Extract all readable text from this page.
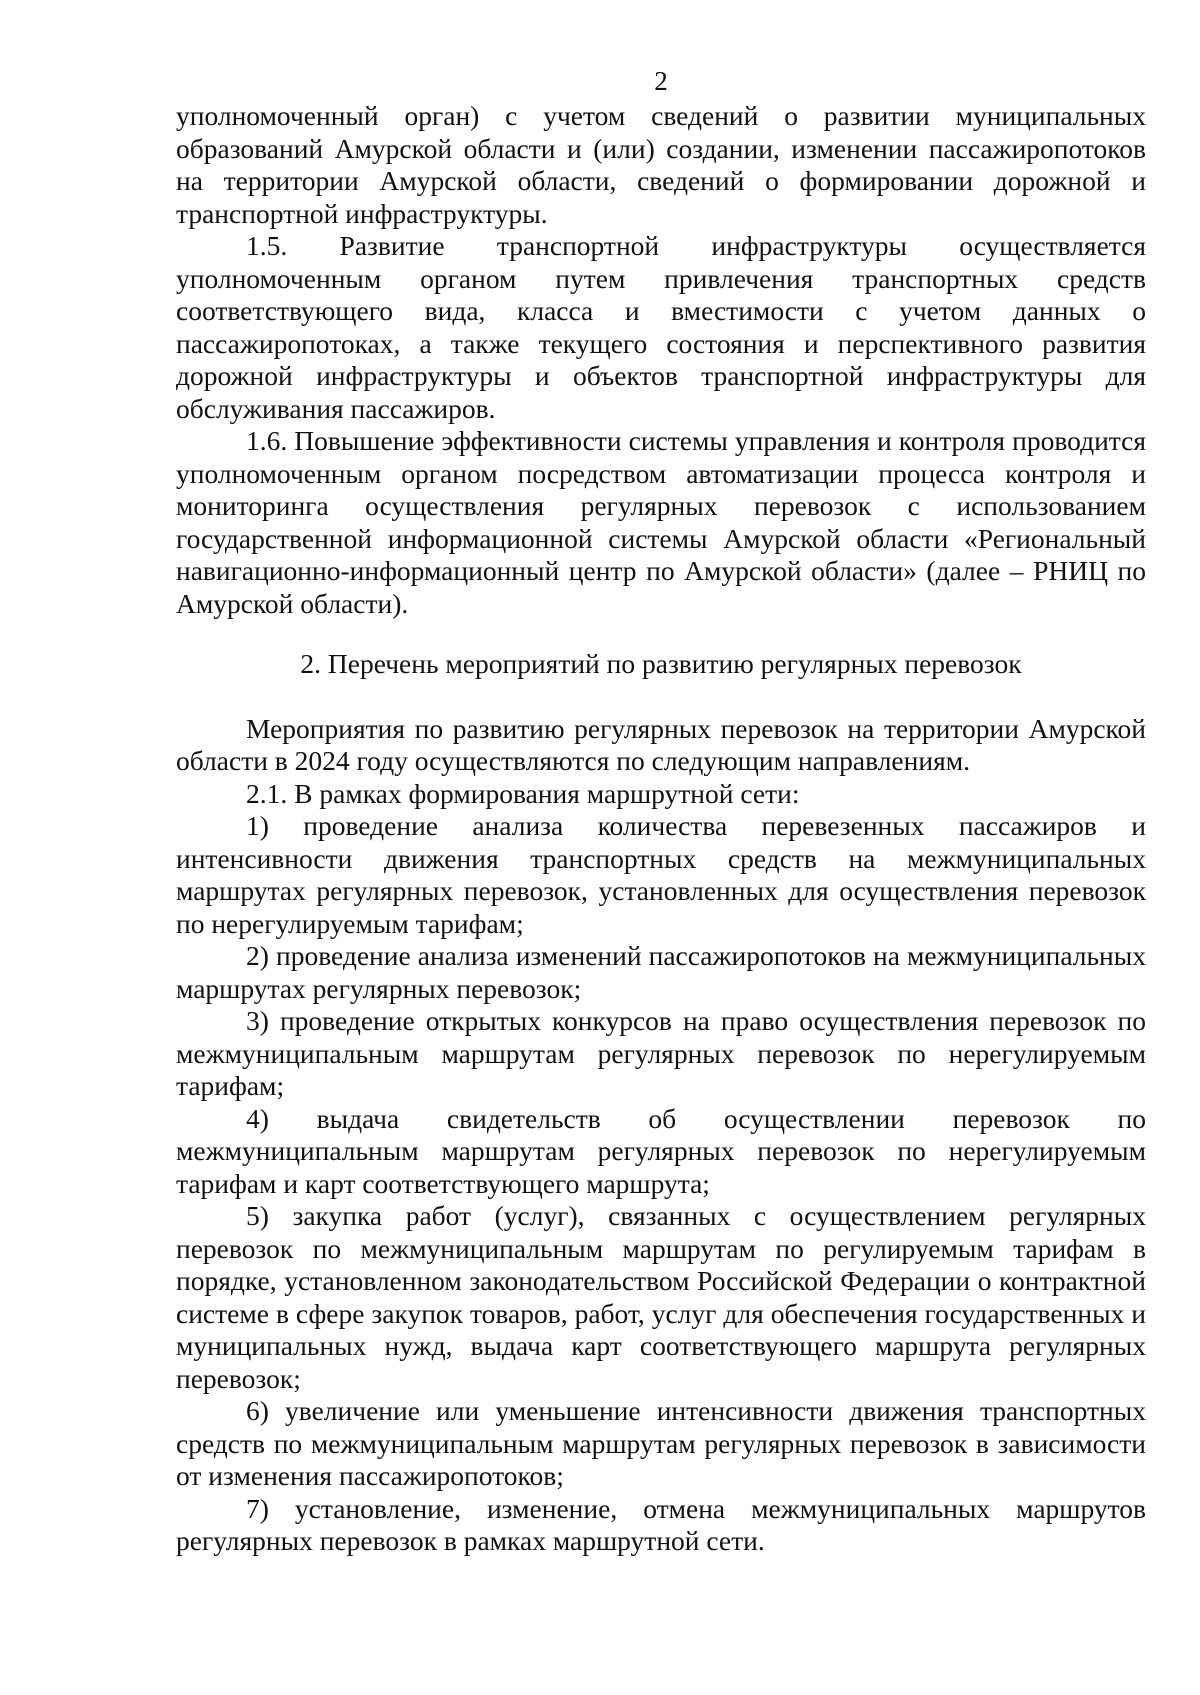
2

уполномоченный орган) с учетом сведений о развитии муниципальных образований Амурской области и (или) создании, изменении пассажиропотоков на территории Амурской области, сведений о формировании дорожной и транспортной инфраструктуры.

1.5. Развитие транспортной инфраструктуры осуществляется уполномоченным органом путем привлечения транспортных средств соответствующего вида, класса и вместимости с учетом данных о пассажиропотоках, а также текущего состояния и перспективного развития дорожной инфраструктуры и объектов транспортной инфраструктуры для обслуживания пассажиров.

1.6. Повышение эффективности системы управления и контроля проводится уполномоченным органом посредством автоматизации процесса контроля и мониторинга осуществления регулярных перевозок с использованием государственной информационной системы Амурской области «Региональный навигационно-информационный центр по Амурской области» (далее – РНИЦ по Амурской области).

2. Перечень мероприятий по развитию регулярных перевозок

Мероприятия по развитию регулярных перевозок на территории Амурской области в 2024 году осуществляются по следующим направлениям.

2.1. В рамках формирования маршрутной сети:

1) проведение анализа количества перевезенных пассажиров и интенсивности движения транспортных средств на межмуниципальных маршрутах регулярных перевозок, установленных для осуществления перевозок по нерегулируемым тарифам;

2) проведение анализа изменений пассажиропотоков на межмуниципальных маршрутах регулярных перевозок;

3) проведение открытых конкурсов на право осуществления перевозок по межмуниципальным маршрутам регулярных перевозок по нерегулируемым тарифам;

4) выдача свидетельств об осуществлении перевозок по межмуниципальным маршрутам регулярных перевозок по нерегулируемым тарифам и карт соответствующего маршрута;

5) закупка работ (услуг), связанных с осуществлением регулярных перевозок по межмуниципальным маршрутам по регулируемым тарифам в порядке, установленном законодательством Российской Федерации о контрактной системе в сфере закупок товаров, работ, услуг для обеспечения государственных и муниципальных нужд, выдача карт соответствующего маршрута регулярных перевозок;

6) увеличение или уменьшение интенсивности движения транспортных средств по межмуниципальным маршрутам регулярных перевозок в зависимости от изменения пассажиропотоков;

7) установление, изменение, отмена межмуниципальных маршрутов регулярных перевозок в рамках маршрутной сети.
